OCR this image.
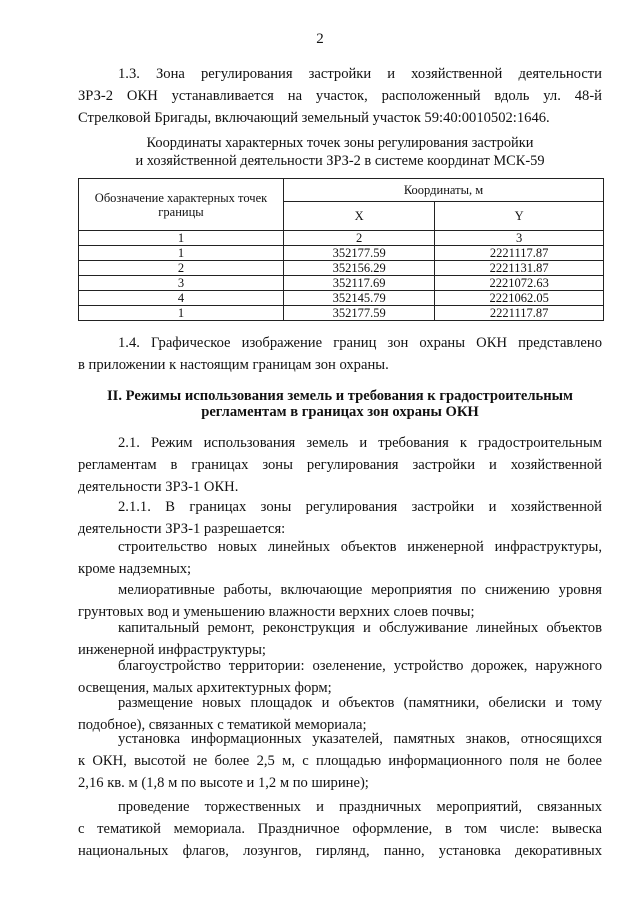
2
1.3. Зона регулирования застройки и хозяйственной деятельности
ЗРЗ-2 ОКН устанавливается на участок, расположенный вдоль ул. 48-й
Стрелковой Бригады, включающий земельный участок 59:40:0010502:1646.
Координаты характерных точек зоны регулирования застройки
и хозяйственной деятельности ЗРЗ-2 в системе координат МСК-59
Обозначение характерных точек границы	Координаты, м	
	X	Y
1	2	3
1	352177.59	2221117.87
2	352156.29	2221131.87
3	352117.69	2221072.63
4	352145.79	2221062.05
1	352177.59	2221117.87
1.4. Графическое изображение границ зон охраны ОКН представлено
в приложении к настоящим границам зон охраны.
II. Режимы использования земель и требования к градостроительным
регламентам в границах зон охраны ОКН
2.1. Режим использования земель и требования к градостроительным
регламентам в границах зоны регулирования застройки и хозяйственной
деятельности ЗРЗ-1 ОКН.
2.1.1. В границах зоны регулирования застройки и хозяйственной
деятельности ЗРЗ-1 разрешается:
строительство новых линейных объектов инженерной инфраструктуры,
кроме надземных;
мелиоративные работы, включающие мероприятия по снижению уровня
грунтовых вод и уменьшению влажности верхних слоев почвы;
капитальный ремонт, реконструкция и обслуживание линейных объектов
инженерной инфраструктуры;
благоустройство территории: озеленение, устройство дорожек, наружного
освещения, малых архитектурных форм;
размещение новых площадок и объектов (памятники, обелиски и тому
подобное), связанных с тематикой мемориала;
установка информационных указателей, памятных знаков, относящихся
к ОКН, высотой не более 2,5 м, с площадью информационного поля не более
2,16 кв. м (1,8 м по высоте и 1,2 м по ширине);
проведение торжественных и праздничных мероприятий, связанных
с тематикой мемориала. Праздничное оформление, в том числе: вывеска
национальных флагов, лозунгов, гирлянд, панно, установка декоративных
